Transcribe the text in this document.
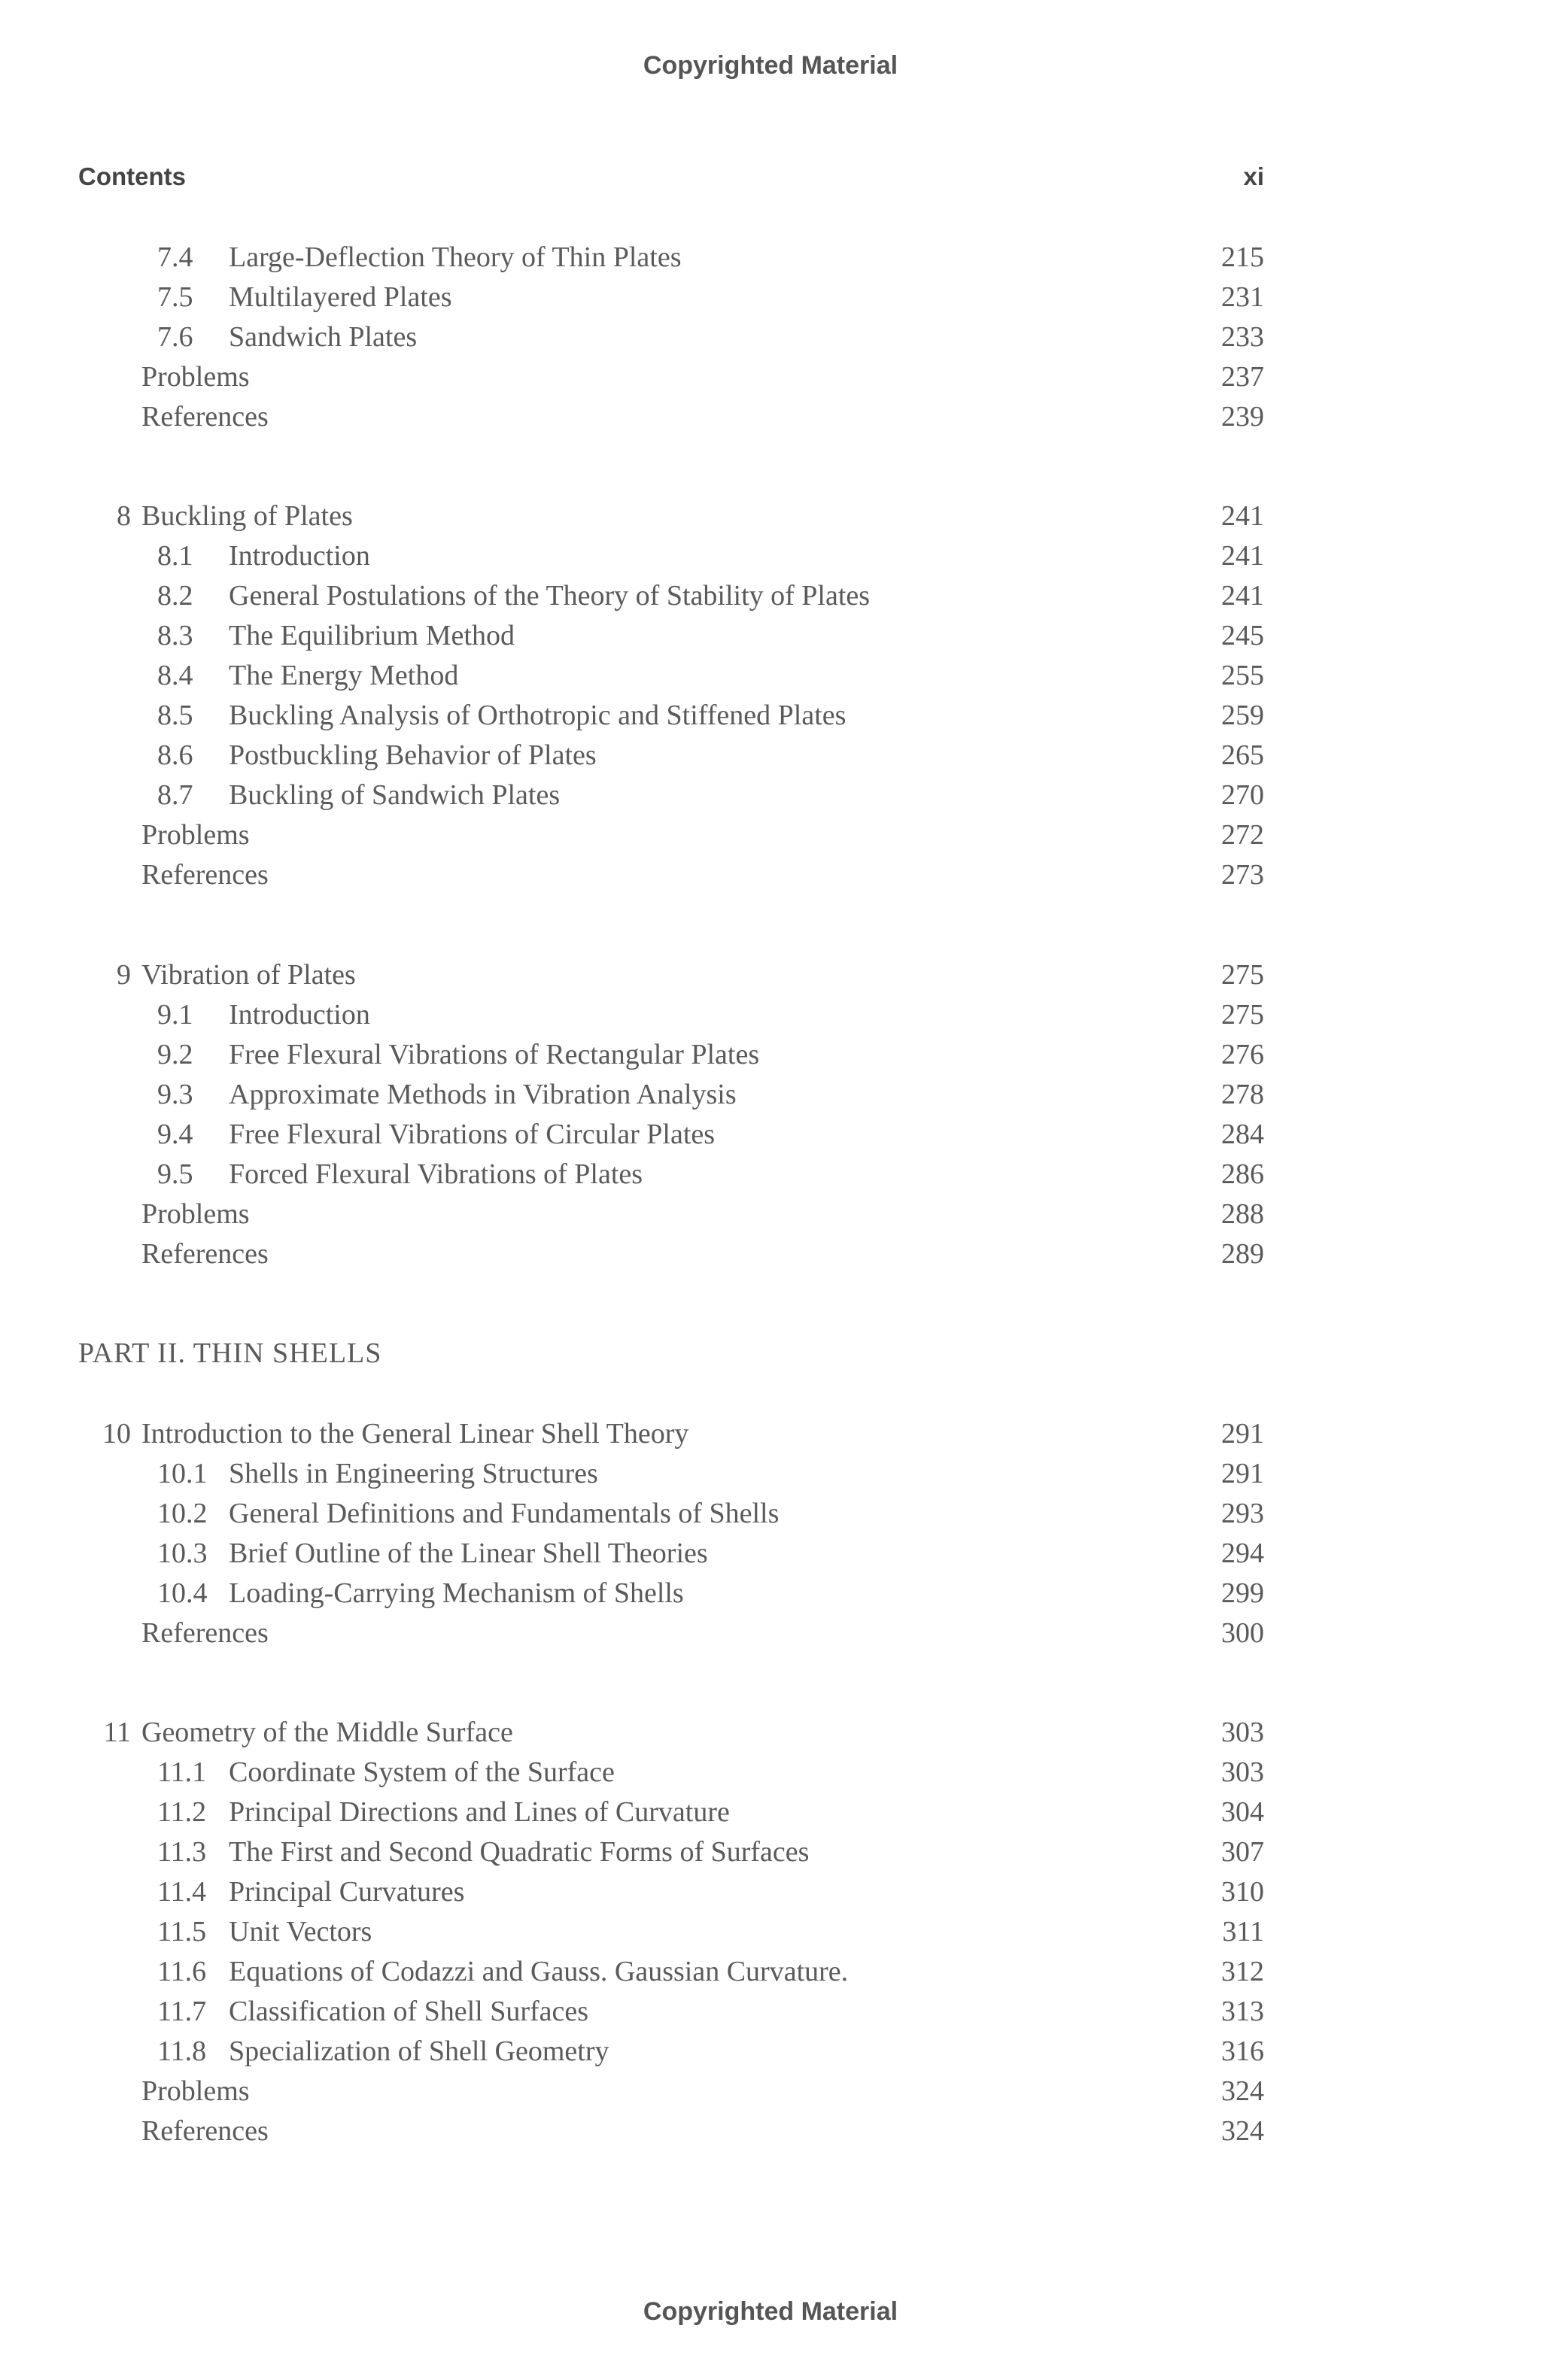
Copyrighted Material
Contents	xi
PART II. THIN SHELLS
7.4 Large-Deflection Theory of Thin Plates	215
7.5 Multilayered Plates	231
7.6 Sandwich Plates	233
Problems	237
References	239
8 Buckling of Plates	241
8.1 Introduction	241
8.2 General Postulations of the Theory of Stability of Plates	241
8.3 The Equilibrium Method	245
8.4 The Energy Method	255
8.5 Buckling Analysis of Orthotropic and Stiffened Plates	259
8.6 Postbuckling Behavior of Plates	265
8.7 Buckling of Sandwich Plates	270
Problems	272
References	273
9 Vibration of Plates	275
9.1 Introduction	275
9.2 Free Flexural Vibrations of Rectangular Plates	276
9.3 Approximate Methods in Vibration Analysis	278
9.4 Free Flexural Vibrations of Circular Plates	284
9.5 Forced Flexural Vibrations of Plates	286
Problems	288
References	289
10 Introduction to the General Linear Shell Theory	291
10.1 Shells in Engineering Structures	291
10.2 General Definitions and Fundamentals of Shells	293
10.3 Brief Outline of the Linear Shell Theories	294
10.4 Loading-Carrying Mechanism of Shells	299
References	300
11 Geometry of the Middle Surface	303
11.1 Coordinate System of the Surface	303
11.2 Principal Directions and Lines of Curvature	304
11.3 The First and Second Quadratic Forms of Surfaces	307
11.4 Principal Curvatures	310
11.5 Unit Vectors	311
11.6 Equations of Codazzi and Gauss. Gaussian Curvature.	312
11.7 Classification of Shell Surfaces	313
11.8 Specialization of Shell Geometry	316
Problems	324
References	324
Copyrighted Material
